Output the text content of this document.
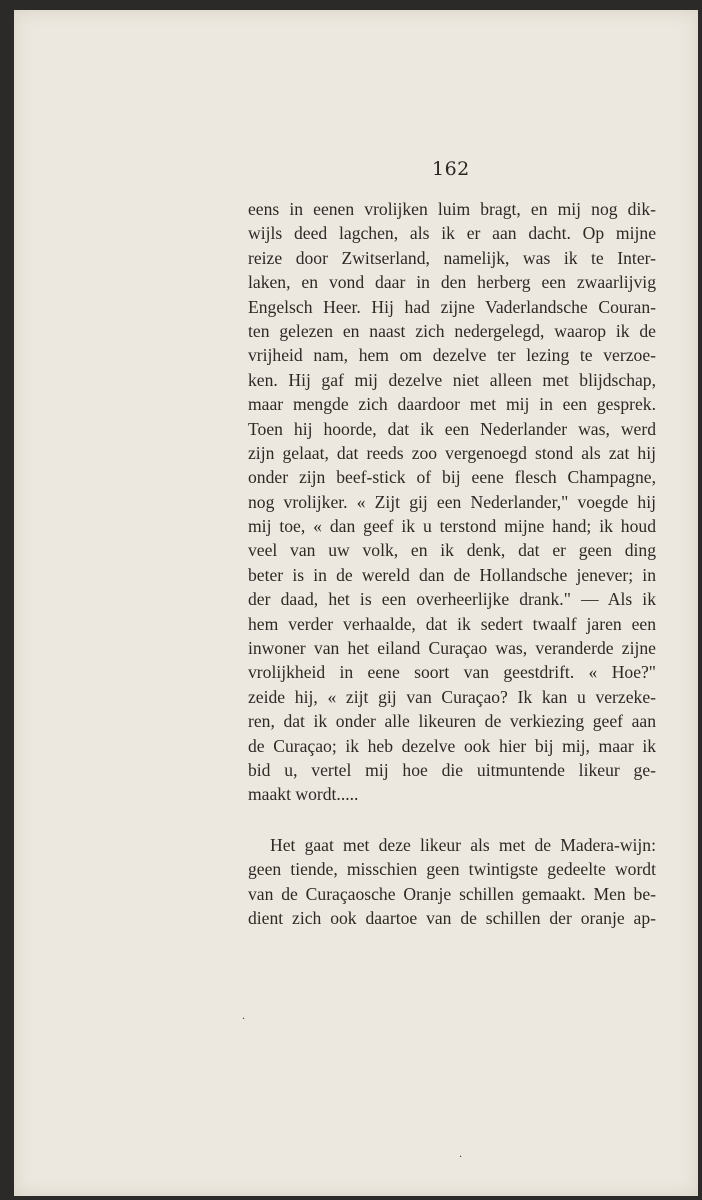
162
eens in eenen vrolijken luim bragt, en mij nog dik-
wijls deed lagchen, als ik er aan dacht. Op mijne
reize door Zwitserland, namelijk, was ik te Inter-
laken, en vond daar in den herberg een zwaarlijvig
Engelsch Heer. Hij had zijne Vaderlandsche Couran-
ten gelezen en naast zich nedergelegd, waarop ik de
vrijheid nam, hem om dezelve ter lezing te verzoe-
ken. Hij gaf mij dezelve niet alleen met blijdschap,
maar mengde zich daardoor met mij in een gesprek.
Toen hij hoorde, dat ik een Nederlander was, werd
zijn gelaat, dat reeds zoo vergenoegd stond als zat hij
onder zijn beef-stick of bij eene flesch Champagne,
nog vrolijker. « Zijt gij een Nederlander," voegde hij
mij toe, « dan geef ik u terstond mijne hand; ik houd
veel van uw volk, en ik denk, dat er geen ding
beter is in de wereld dan de Hollandsche jenever; in
der daad, het is een overheerlijke drank." — Als ik
hem verder verhaalde, dat ik sedert twaalf jaren een
inwoner van het eiland Curaçao was, veranderde zijne
vrolijkheid in eene soort van geestdrift. « Hoe?"
zeide hij, « zijt gij van Curaçao? Ik kan u verzeke-
ren, dat ik onder alle likeuren de verkiezing geef aan
de Curaçao; ik heb dezelve ook hier bij mij, maar ik
bid u, vertel mij hoe die uitmuntende likeur ge-
maakt wordt.....
Het gaat met deze likeur als met de Madera-wijn:
geen tiende, misschien geen twintigste gedeelte wordt
van de Curaçaosche Oranje schillen gemaakt. Men be-
dient zich ook daartoe van de schillen der oranje ap-
·
·
